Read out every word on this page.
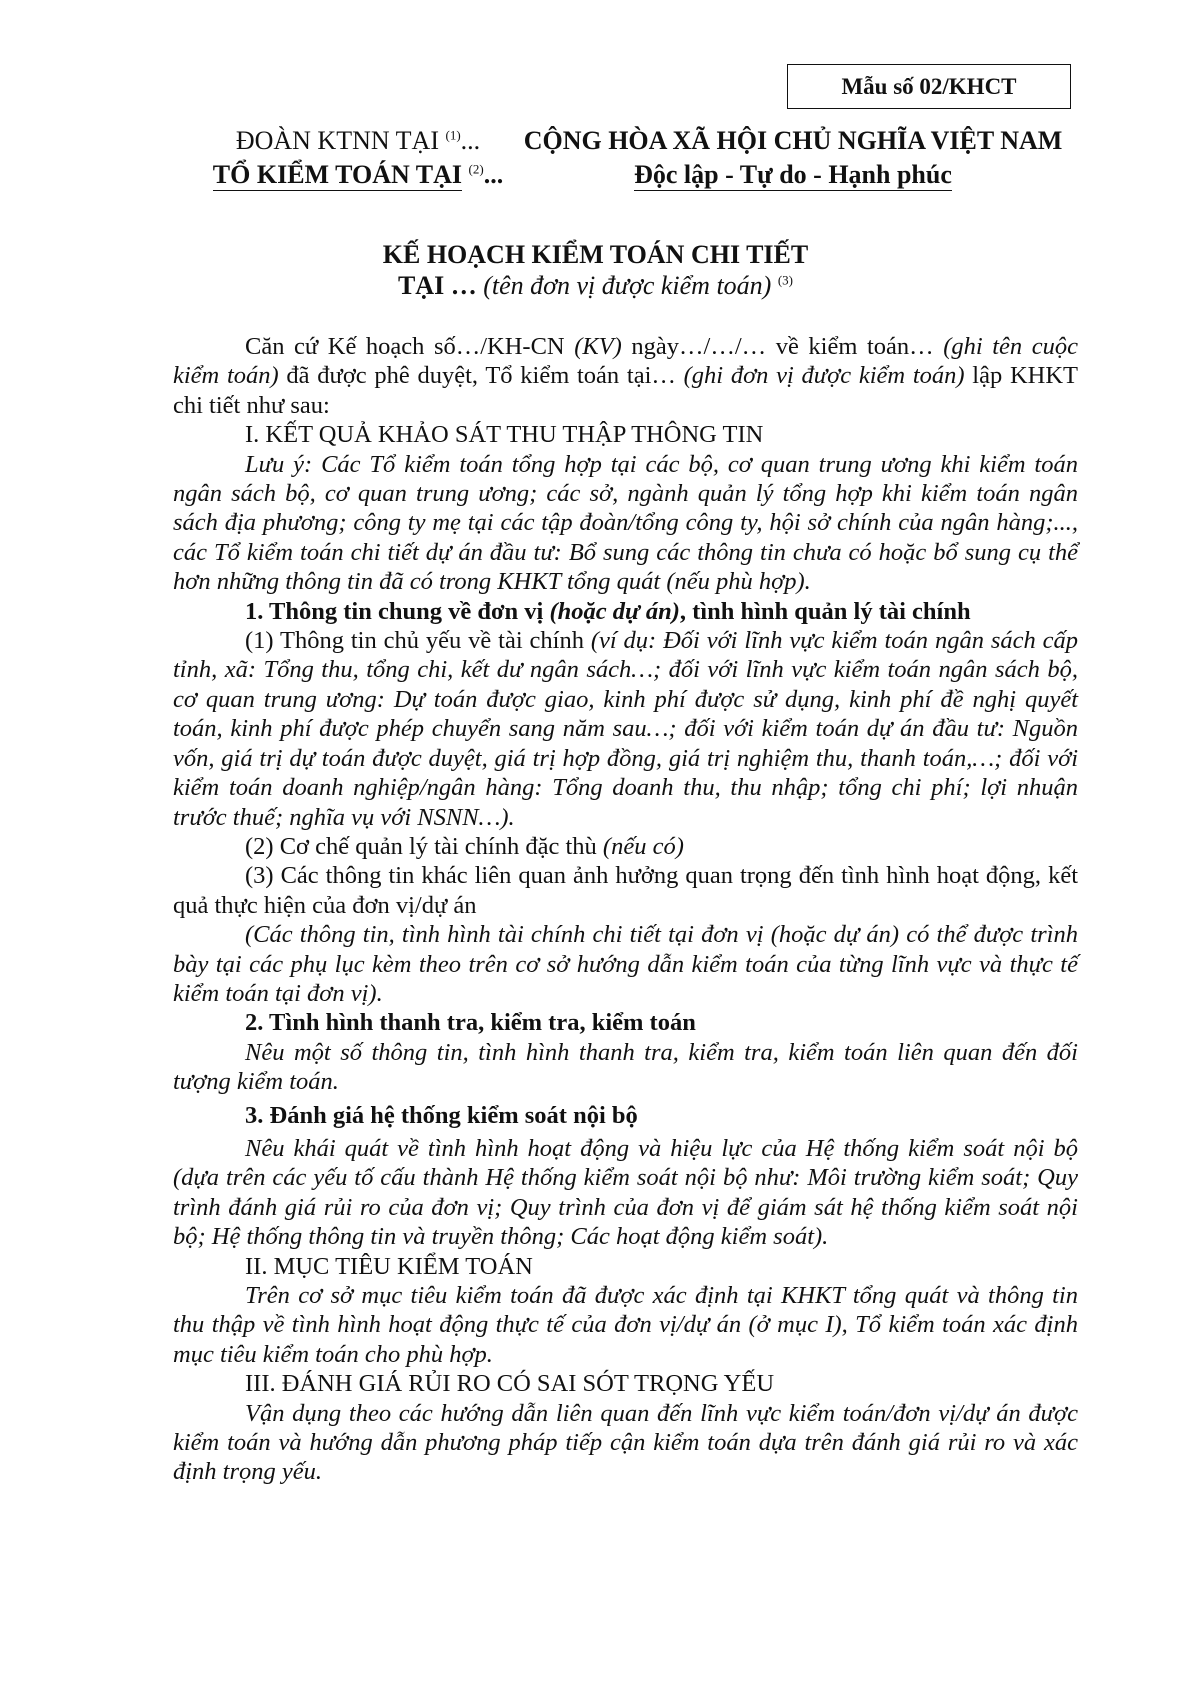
Mẫu số 02/KHCT
ĐOÀN KTNN TẠI $^{(1)}$...
TỔ KIỂM TOÁN TẠI $^{(2)}$...
CỘNG HÒA XÃ HỘI CHỦ NGHĨA VIỆT NAM
Độc lập - Tự do - Hạnh phúc
KẾ HOẠCH KIỂM TOÁN CHI TIẾT
TẠI … (tên đơn vị được kiểm toán) $^{(3)}$

Căn cứ Kế hoạch số…/KH-CN (KV) ngày…/…/… về kiểm toán… (ghi tên cuộc kiểm toán) đã được phê duyệt, Tổ kiểm toán tại… (ghi đơn vị được kiểm toán) lập KHKT chi tiết như sau:

I. KẾT QUẢ KHẢO SÁT THU THẬP THÔNG TIN

Lưu ý: Các Tổ kiểm toán tổng hợp tại các bộ, cơ quan trung ương khi kiểm toán ngân sách bộ, cơ quan trung ương; các sở, ngành quản lý tổng hợp khi kiểm toán ngân sách địa phương; công ty mẹ tại các tập đoàn/tổng công ty, hội sở chính của ngân hàng;..., các Tổ kiểm toán chi tiết dự án đầu tư: Bổ sung các thông tin chưa có hoặc bổ sung cụ thể hơn những thông tin đã có trong KHKT tổng quát (nếu phù hợp).

1. Thông tin chung về đơn vị (hoặc dự án), tình hình quản lý tài chính

(1) Thông tin chủ yếu về tài chính (ví dụ: Đối với lĩnh vực kiểm toán ngân sách cấp tỉnh, xã: Tổng thu, tổng chi, kết dư ngân sách…; đối với lĩnh vực kiểm toán ngân sách bộ, cơ quan trung ương: Dự toán được giao, kinh phí được sử dụng, kinh phí đề nghị quyết toán, kinh phí được phép chuyển sang năm sau…; đối với kiểm toán dự án đầu tư: Nguồn vốn, giá trị dự toán được duyệt, giá trị hợp đồng, giá trị nghiệm thu, thanh toán,…; đối với kiểm toán doanh nghiệp/ngân hàng: Tổng doanh thu, thu nhập; tổng chi phí; lợi nhuận trước thuế; nghĩa vụ với NSNN…).

(2) Cơ chế quản lý tài chính đặc thù (nếu có)

(3) Các thông tin khác liên quan ảnh hưởng quan trọng đến tình hình hoạt động, kết quả thực hiện của đơn vị/dự án

(Các thông tin, tình hình tài chính chi tiết tại đơn vị (hoặc dự án) có thể được trình bày tại các phụ lục kèm theo trên cơ sở hướng dẫn kiểm toán của từng lĩnh vực và thực tế kiểm toán tại đơn vị).

2. Tình hình thanh tra, kiểm tra, kiểm toán

Nêu một số thông tin, tình hình thanh tra, kiểm tra, kiểm toán liên quan đến đối tượng kiểm toán.

3. Đánh giá hệ thống kiểm soát nội bộ

Nêu khái quát về tình hình hoạt động và hiệu lực của Hệ thống kiểm soát nội bộ (dựa trên các yếu tố cấu thành Hệ thống kiểm soát nội bộ như: Môi trường kiểm soát; Quy trình đánh giá rủi ro của đơn vị; Quy trình của đơn vị để giám sát hệ thống kiểm soát nội bộ; Hệ thống thông tin và truyền thông; Các hoạt động kiểm soát).

II. MỤC TIÊU KIỂM TOÁN

Trên cơ sở mục tiêu kiểm toán đã được xác định tại KHKT tổng quát và thông tin thu thập về tình hình hoạt động thực tế của đơn vị/dự án (ở mục I), Tổ kiểm toán xác định mục tiêu kiểm toán cho phù hợp.

III. ĐÁNH GIÁ RỦI RO CÓ SAI SÓT TRỌNG YẾU

Vận dụng theo các hướng dẫn liên quan đến lĩnh vực kiểm toán/đơn vị/dự án được kiểm toán và hướng dẫn phương pháp tiếp cận kiểm toán dựa trên đánh giá rủi ro và xác định trọng yếu.
